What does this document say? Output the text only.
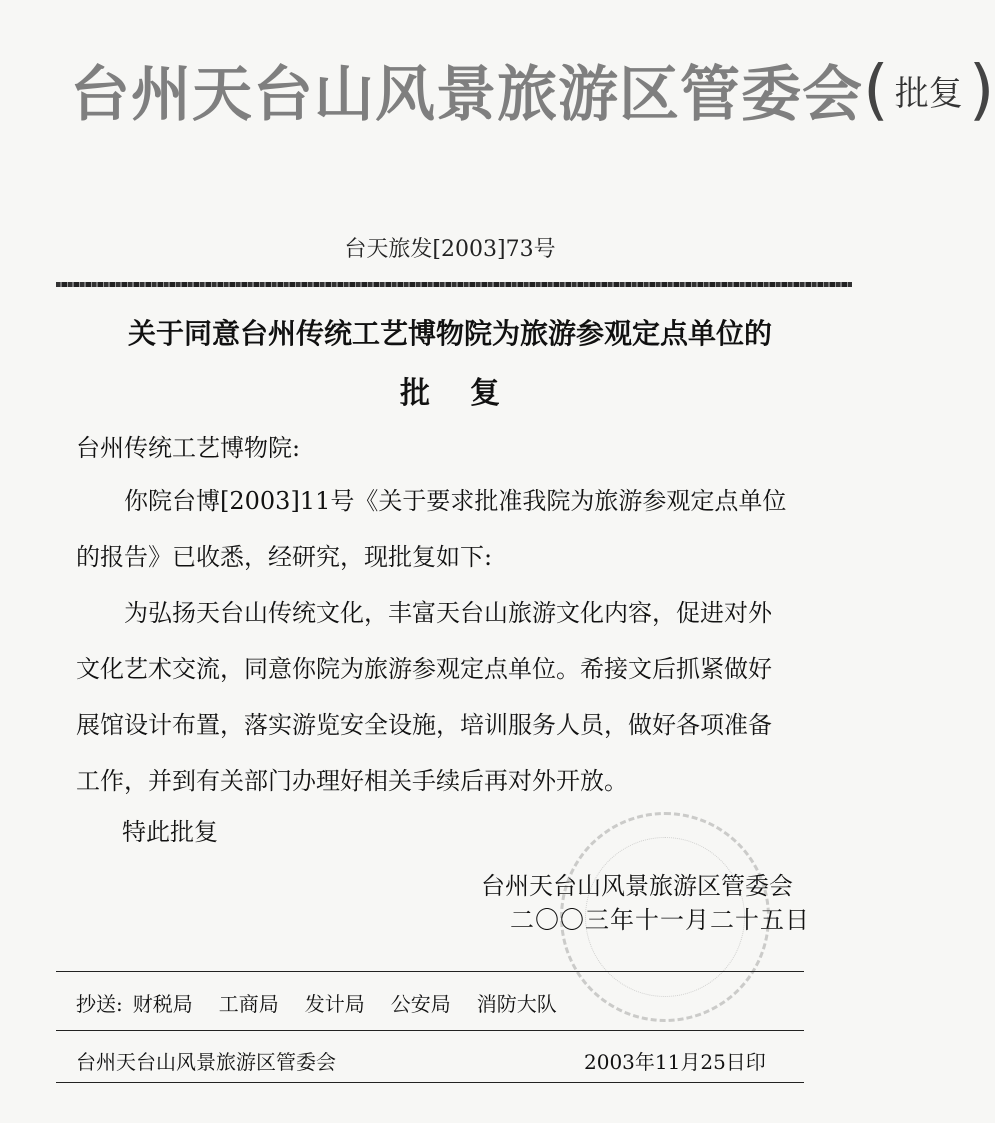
台州天台山风景旅游区管委会 ( 批复 )
台天旅发[2003]73号
关于同意台州传统工艺博物院为旅游参观定点单位的
批复
台州传统工艺博物院:
　　你院台博[2003]11号《关于要求批准我院为旅游参观定点单位
的报告》已收悉，经研究，现批复如下:
　　为弘扬天台山传统文化，丰富天台山旅游文化内容，促进对外
文化艺术交流，同意你院为旅游参观定点单位。希接文后抓紧做好
展馆设计布置，落实游览安全设施，培训服务人员，做好各项准备
工作，并到有关部门办理好相关手续后再对外开放。
特此批复
台州天台山风景旅游区管委会
二〇〇三年十一月二十五日
抄送: 财税局 工商局 发计局 公安局 消防大队
台州天台山风景旅游区管委会	2003年11月25日印
